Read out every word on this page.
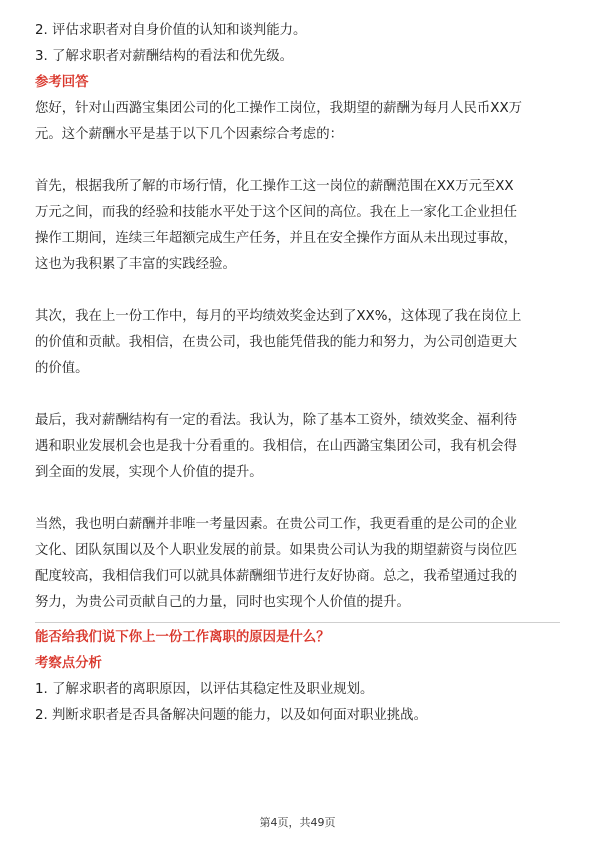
2. 评估求职者对自身价值的认知和谈判能力。

3. 了解求职者对薪酬结构的看法和优先级。

参考回答

您好，针对山西潞宝集团公司的化工操作工岗位，我期望的薪酬为每月人民币XX万

元。这个薪酬水平是基于以下几个因素综合考虑的：

首先，根据我所了解的市场行情，化工操作工这一岗位的薪酬范围在XX万元至XX

万元之间，而我的经验和技能水平处于这个区间的高位。我在上一家化工企业担任

操作工期间，连续三年超额完成生产任务，并且在安全操作方面从未出现过事故，

这也为我积累了丰富的实践经验。

其次，我在上一份工作中，每月的平均绩效奖金达到了XX%，这体现了我在岗位上

的价值和贡献。我相信，在贵公司，我也能凭借我的能力和努力，为公司创造更大

的价值。

最后，我对薪酬结构有一定的看法。我认为，除了基本工资外，绩效奖金、福利待

遇和职业发展机会也是我十分看重的。我相信，在山西潞宝集团公司，我有机会得

到全面的发展，实现个人价值的提升。

当然，我也明白薪酬并非唯一考量因素。在贵公司工作，我更看重的是公司的企业

文化、团队氛围以及个人职业发展的前景。如果贵公司认为我的期望薪资与岗位匹

配度较高，我相信我们可以就具体薪酬细节进行友好协商。总之，我希望通过我的

努力，为贵公司贡献自己的力量，同时也实现个人价值的提升。

能否给我们说下你上一份工作离职的原因是什么？
考察点分析

1. 了解求职者的离职原因，以评估其稳定性及职业规划。

2. 判断求职者是否具备解决问题的能力，以及如何面对职业挑战。

第4页，共49页
